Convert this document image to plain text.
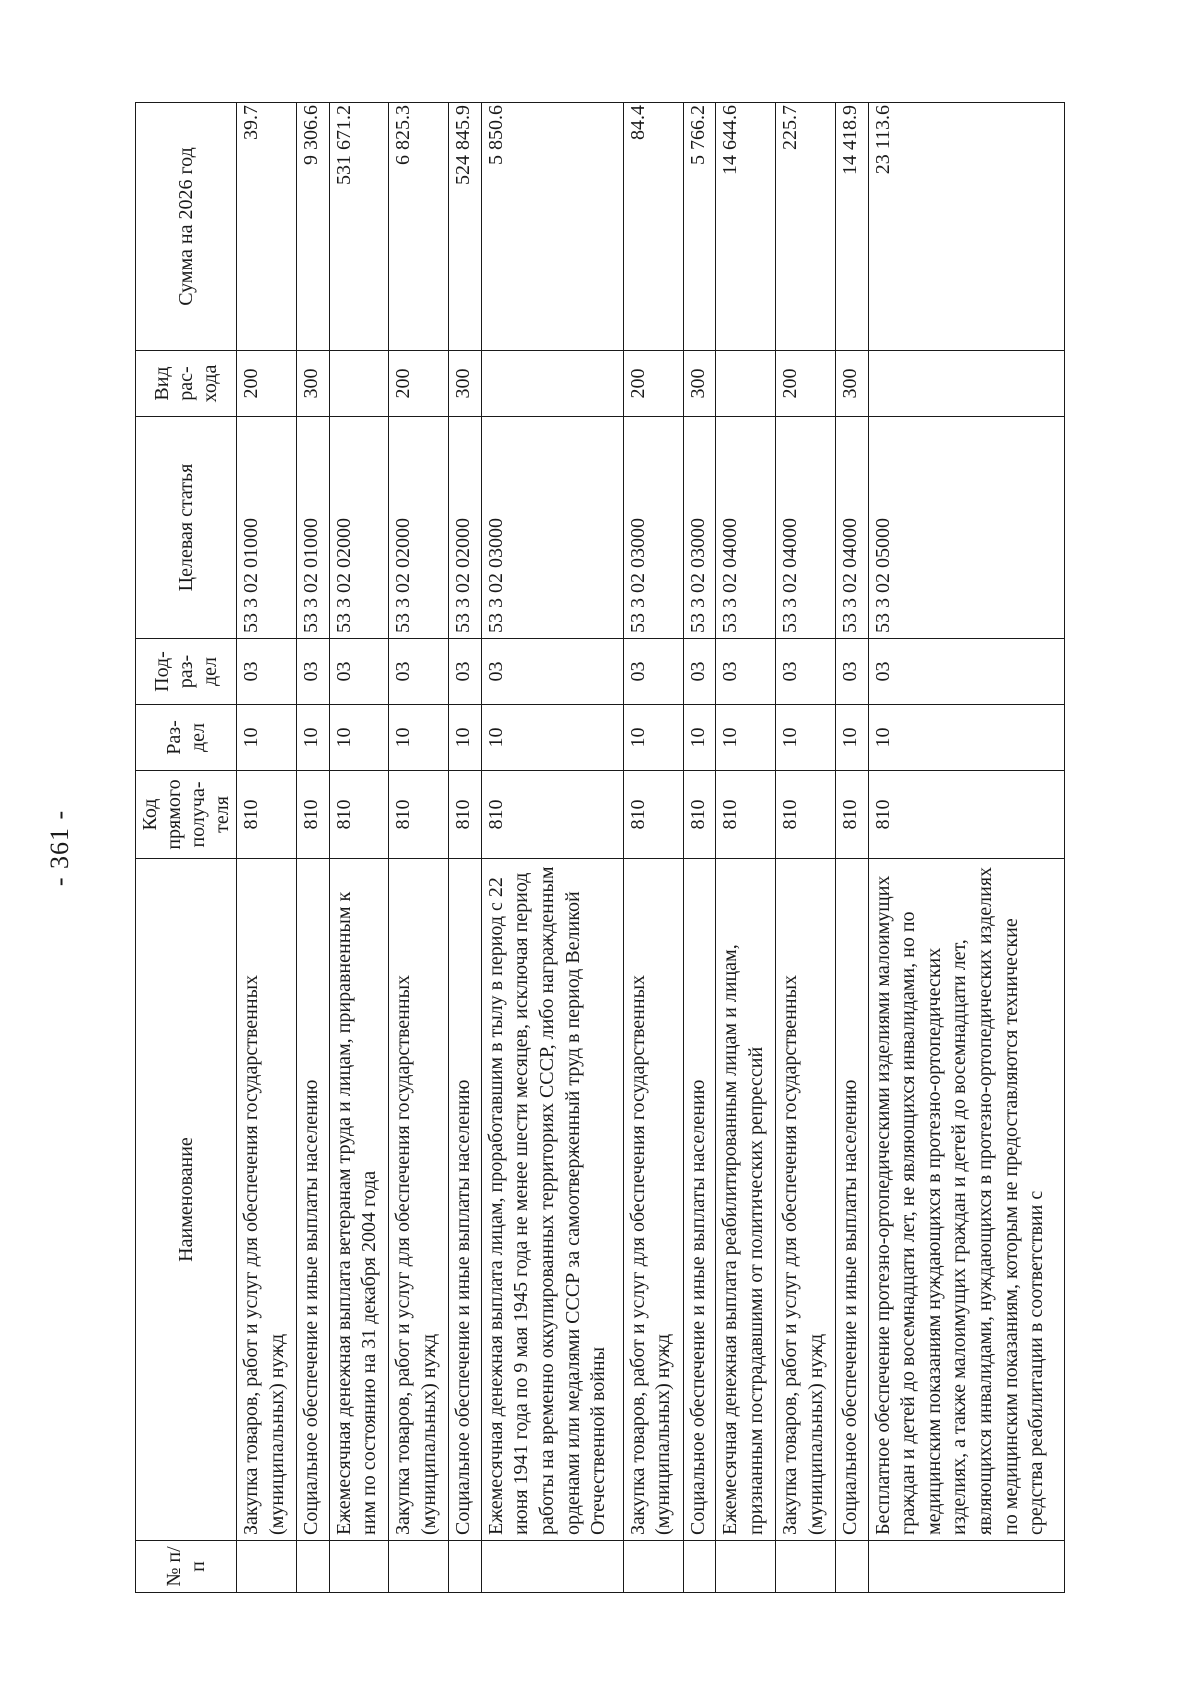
- 361 -
№ п/п	Наименование	Код прямого получа-теля	Раз-дел	Под-раз-дел	Целевая статья	Вид рас-хода	Сумма на 2026 год
	Закупка товаров, работ и услуг для обеспечения государственных (муниципальных) нужд	810	10	03	53 3 02 01000	200	39.7
	Социальное обеспечение и иные выплаты населению	810	10	03	53 3 02 01000	300	9 306.6
	Ежемесячная денежная выплата ветеранам труда и лицам, приравненным к ним по состоянию на 31 декабря 2004 года	810	10	03	53 3 02 02000		531 671.2
	Закупка товаров, работ и услуг для обеспечения государственных (муниципальных) нужд	810	10	03	53 3 02 02000	200	6 825.3
	Социальное обеспечение и иные выплаты населению	810	10	03	53 3 02 02000	300	524 845.9
	Ежемесячная денежная выплата лицам, проработавшим в тылу в период с 22 июня 1941 года по 9 мая 1945 года не менее шести месяцев, исключая период работы на временно оккупированных территориях СССР, либо награжденным орденами или медалями СССР за самоотверженный труд в период Великой Отечественной войны	810	10	03	53 3 02 03000		5 850.6
	Закупка товаров, работ и услуг для обеспечения государственных (муниципальных) нужд	810	10	03	53 3 02 03000	200	84.4
	Социальное обеспечение и иные выплаты населению	810	10	03	53 3 02 03000	300	5 766.2
	Ежемесячная денежная выплата реабилитированным лицам и лицам, признанным пострадавшими от политических репрессий	810	10	03	53 3 02 04000		14 644.6
	Закупка товаров, работ и услуг для обеспечения государственных (муниципальных) нужд	810	10	03	53 3 02 04000	200	225.7
	Социальное обеспечение и иные выплаты населению	810	10	03	53 3 02 04000	300	14 418.9
	Бесплатное обеспечение протезно-ортопедическими изделиями малоимущих граждан и детей до восемнадцати лет, не являющихся инвалидами, но по медицинским показаниям нуждающихся в протезно-ортопедических изделиях, а также малоимущих граждан и детей до восемнадцати лет, являющихся инвалидами, нуждающихся в протезно-ортопедических изделиях по медицинским показаниям, которым не предоставляются технические средства реабилитации в соответствии с	810	10	03	53 3 02 05000		23 113.6
